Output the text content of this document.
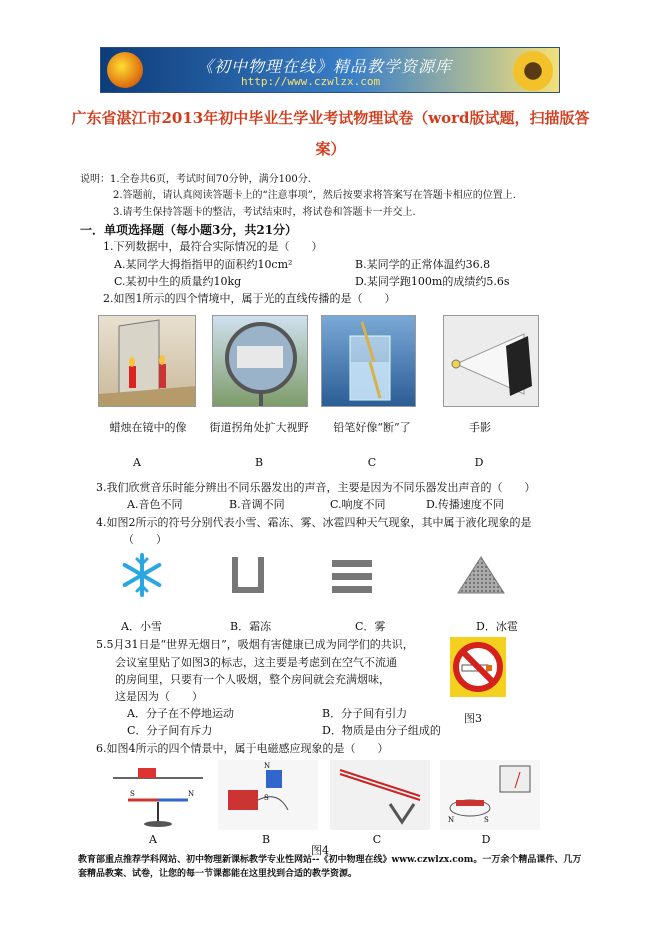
《初中物理在线》精品教学资源库
http://www.czwlzx.com
广东省湛江市2013年初中毕业生学业考试物理试卷（word版试题，扫描版答案）
说明：1.全卷共6页，考试时间70分钟，满分100分.
2.答题前，请认真阅读答题卡上的“注意事项”，然后按要求将答案写在答题卡相应的位置上.
3.请考生保持答题卡的整洁，考试结束时，将试卷和答题卡一并交上.
一．单项选择题（每小题3分，共21分）
1.下列数据中，最符合实际情况的是（　　）
A.某同学大拇指指甲的面积约10cm²	B.某同学的正常体温约36.8
C.某初中生的质量约10kg	D.某同学跑100m的成绩约5.6s
2.如图1所示的四个情境中，属于光的直线传播的是（　　）
蜡烛在镜中的像	街道拐角处扩大视野	铅笔好像“断”了	手影
A	B	C	D
3.我们欣赏音乐时能分辨出不同乐器发出的声音，主要是因为不同乐器发出声音的（　　）
A.音色不同	B.音调不同	C.响度不同	D.传播速度不同
4.如图2所示的符号分别代表小雪、霜冻、雾、冰雹四种天气现象，其中属于液化现象的是
（　　）
A．小雪	B．霜冻	C．雾	D．冰雹
5.5月31日是“世界无烟日”，吸烟有害健康已成为同学们的共识，
会议室里贴了如图3的标志，这主要是考虑到在空气不流通
的房间里，只要有一个人吸烟，整个房间就会充满烟味，
这是因为（　　）
A．分子在不停地运动	B．分子间有引力
C．分子间有斥力	D．物质是由分子组成的
图3
6.如图4所示的四个情景中，属于电磁感应现象的是（　　）
S	N
N
S
N	S
A	B
图4
C	D
教育部重点推荐学科网站、初中物理新课标教学专业性网站--《初中物理在线》www.czwlzx.com。一万余个精品课件、几万套精品教案、试卷，让您的每一节课都能在这里找到合适的教学资源。
